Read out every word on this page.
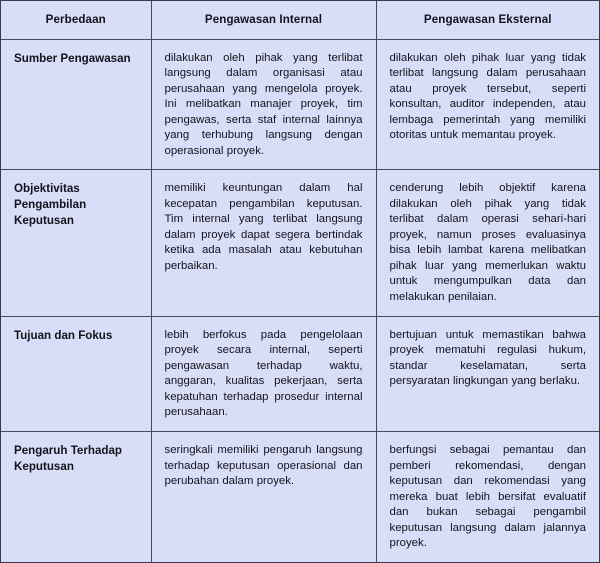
Perbedaan	Pengawasan Internal	Pengawasan Eksternal
Sumber Pengawasan	dilakukan oleh pihak yang terlibat langsung dalam organisasi atau perusahaan yang mengelola proyek. Ini melibatkan manajer proyek, tim pengawas, serta staf internal lainnya yang terhubung langsung dengan operasional proyek.	dilakukan oleh pihak luar yang tidak terlibat langsung dalam perusahaan atau proyek tersebut, seperti konsultan, auditor independen, atau lembaga pemerintah yang memiliki otoritas untuk memantau proyek.
Objektivitas Pengambilan Keputusan	memiliki keuntungan dalam hal kecepatan pengambilan keputusan. Tim internal yang terlibat langsung dalam proyek dapat segera bertindak ketika ada masalah atau kebutuhan perbaikan.	cenderung lebih objektif karena dilakukan oleh pihak yang tidak terlibat dalam operasi sehari-hari proyek, namun proses evaluasinya bisa lebih lambat karena melibatkan pihak luar yang memerlukan waktu untuk mengumpulkan data dan melakukan penilaian.
Tujuan dan Fokus	lebih berfokus pada pengelolaan proyek secara internal, seperti pengawasan terhadap waktu, anggaran, kualitas pekerjaan, serta kepatuhan terhadap prosedur internal perusahaan.	bertujuan untuk memastikan bahwa proyek mematuhi regulasi hukum, standar keselamatan, serta persyaratan lingkungan yang berlaku.
Pengaruh Terhadap Keputusan	seringkali memiliki pengaruh langsung terhadap keputusan operasional dan perubahan dalam proyek.	berfungsi sebagai pemantau dan pemberi rekomendasi, dengan keputusan dan rekomendasi yang mereka buat lebih bersifat evaluatif dan bukan sebagai pengambil keputusan langsung dalam jalannya proyek.
